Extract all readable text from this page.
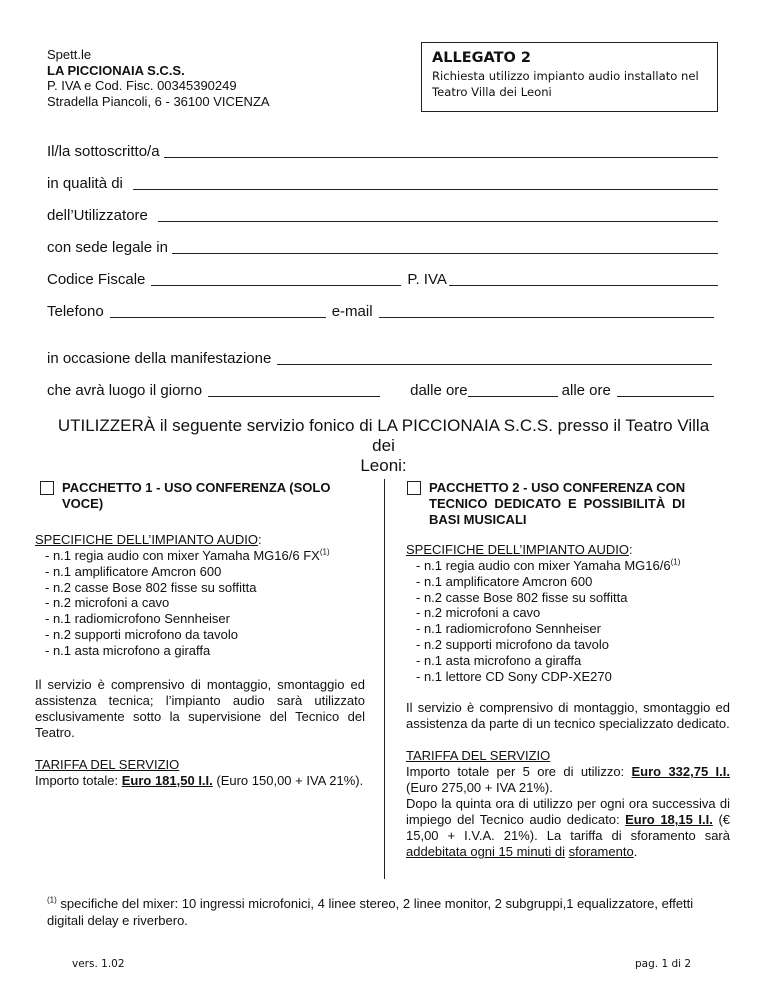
Spett.le
LA PICCIONAIA S.C.S.
P. IVA e Cod. Fisc. 00345390249
Stradella Piancoli, 6 - 36100 VICENZA
ALLEGATO 2
Richiesta utilizzo impianto audio installato nel
Teatro Villa dei Leoni
Il/la sottoscritto/a
in qualità di
dell’Utilizzatore
con sede legale in
Codice Fiscale	P. IVA
Telefono	e-mail
in occasione della manifestazione
che avrà luogo il giorno	dalle ore	alle ore
UTILIZZERÀ il seguente servizio fonico di LA PICCIONAIA S.C.S. presso il Teatro Villa dei
Leoni:
PACCHETTO 1 - USO CONFERENZA (SOLO
VOCE)
SPECIFICHE DELL’IMPIANTO AUDIO:
- n.1 regia audio con mixer Yamaha MG16/6 FX$^{(1)}$
- n.1 amplificatore Amcron 600
- n.2 casse Bose 802 fisse su soffitta
- n.2 microfoni a cavo
- n.1 radiomicrofono Sennheiser
- n.2 supporti microfono da tavolo
- n.1 asta microfono a giraffa
Il servizio è comprensivo di montaggio, smontaggio ed assistenza tecnica; l’impianto audio sarà utilizzato esclusivamente sotto la supervisione del Tecnico del Teatro.
TARIFFA DEL SERVIZIO
Importo totale: Euro 181,50 I.I. (Euro 150,00 + IVA 21%).
PACCHETTO 2 - USO CONFERENZA CON
TECNICO DEDICATO E POSSIBILITÀ DI
BASI MUSICALI
SPECIFICHE DELL’IMPIANTO AUDIO:
- n.1 regia audio con mixer Yamaha MG16/6$^{(1)}$
- n.1 amplificatore Amcron 600
- n.2 casse Bose 802 fisse su soffitta
- n.2 microfoni a cavo
- n.1 radiomicrofono Sennheiser
- n.2 supporti microfono da tavolo
- n.1 asta microfono a giraffa
- n.1 lettore CD Sony CDP-XE270
Il servizio è comprensivo di montaggio, smontaggio ed assistenza da parte di un tecnico specializzato dedicato.
TARIFFA DEL SERVIZIO
Importo totale per 5 ore di utilizzo: Euro 332,75 I.I. (Euro 275,00 + IVA 21%).
Dopo la quinta ora di utilizzo per ogni ora successiva di impiego del Tecnico audio dedicato: Euro 18,15 I.I. (€ 15,00 + I.V.A. 21%). La tariffa di sforamento sarà addebitata ogni 15 minuti di sforamento.
$^{(1)}$ specifiche del mixer: 10 ingressi microfonici, 4 linee stereo, 2 linee monitor, 2 subgruppi,1 equalizzatore, effetti digitali delay e riverbero.
vers. 1.02	pag. 1 di 2
